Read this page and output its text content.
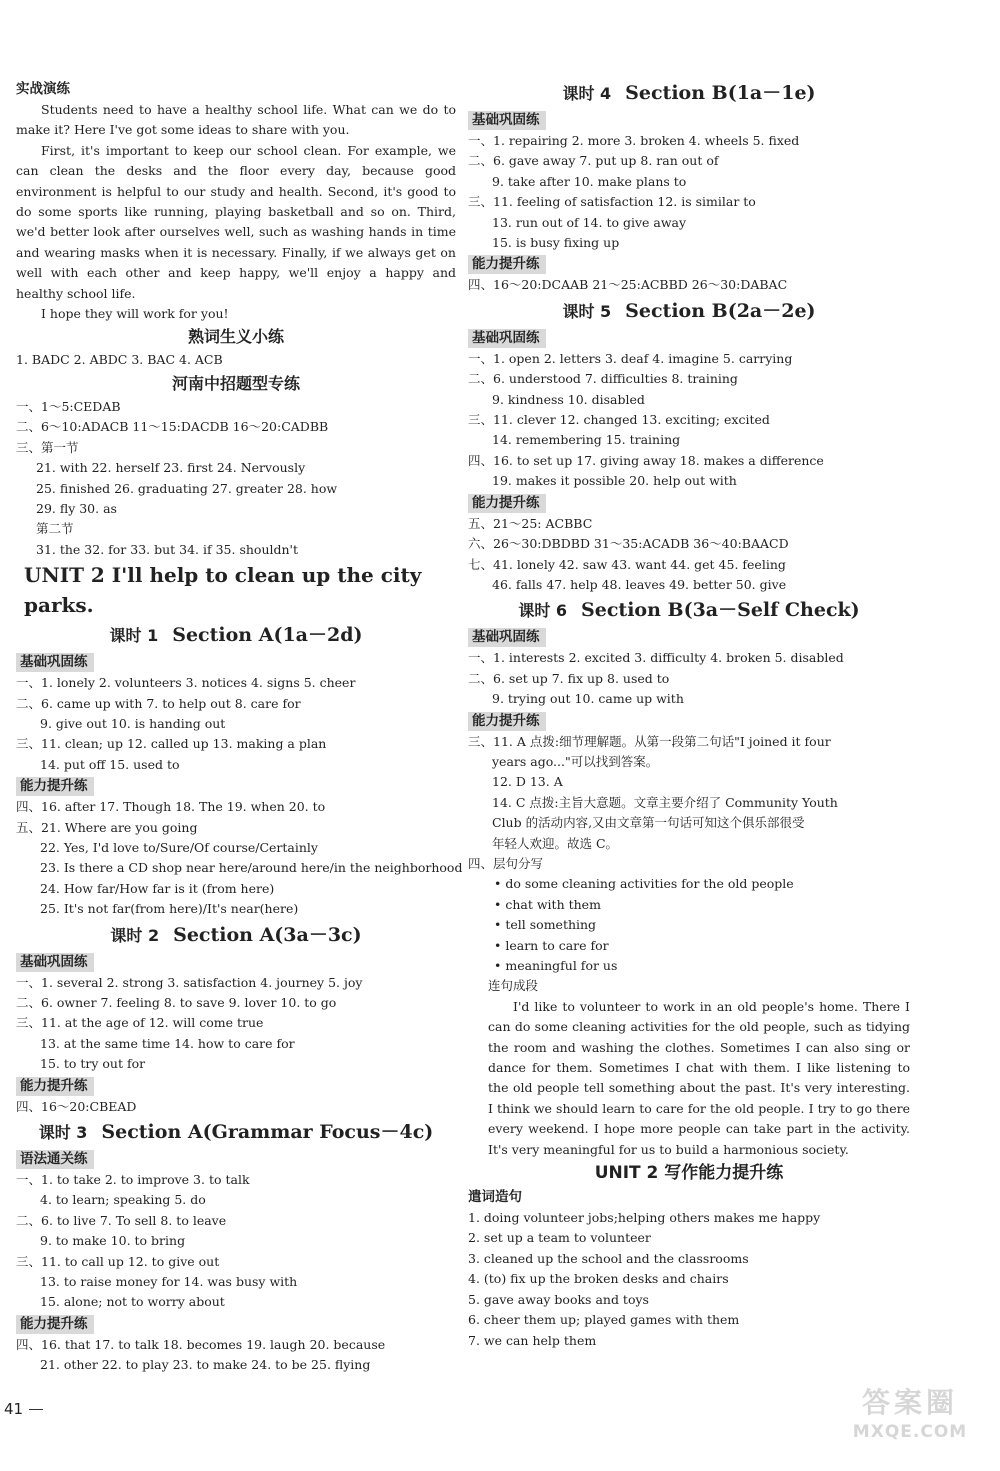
实战演练
Students need to have a healthy school life. What can we do to make it? Here I've got some ideas to share with you.
First, it's important to keep our school clean. For example, we can clean the desks and the floor every day, because good environment is helpful to our study and health. Second, it's good to do some sports like running, playing basketball and so on. Third, we'd better look after ourselves well, such as washing hands in time and wearing masks when it is necessary. Finally, if we always get on well with each other and keep happy, we'll enjoy a happy and healthy school life.
I hope they will work for you!
熟词生义小练
1. BADC 2. ABDC 3. BAC 4. ACB
河南中招题型专练
一、1～5:CEDAB
二、6～10:ADACB 11～15:DACDB 16～20:CADBB
三、第一节
21. with 22. herself 23. first 24. Nervously
25. finished 26. graduating 27. greater 28. how
29. fly 30. as
第二节
31. the 32. for 33. but 34. if 35. shouldn't
UNIT 2 I'll help to clean up the city parks.
课时 1 Section A(1a－2d)
基础巩固练
一、1. lonely 2. volunteers 3. notices 4. signs 5. cheer
二、6. came up with 7. to help out 8. care for
9. give out 10. is handing out
三、11. clean; up 12. called up 13. making a plan
14. put off 15. used to
能力提升练
四、16. after 17. Though 18. The 19. when 20. to
五、21. Where are you going
22. Yes, I'd love to/Sure/Of course/Certainly
23. Is there a CD shop near here/around here/in the neighborhood
24. How far/How far is it (from here)
25. It's not far(from here)/It's near(here)
课时 2 Section A(3a－3c)
基础巩固练
一、1. several 2. strong 3. satisfaction 4. journey 5. joy
二、6. owner 7. feeling 8. to save 9. lover 10. to go
三、11. at the age of 12. will come true
13. at the same time 14. how to care for
15. to try out for
能力提升练
四、16～20:CBEAD
课时 3 Section A(Grammar Focus－4c)
语法通关练
一、1. to take 2. to improve 3. to talk
4. to learn; speaking 5. do
二、6. to live 7. To sell 8. to leave
9. to make 10. to bring
三、11. to call up 12. to give out
13. to raise money for 14. was busy with
15. alone; not to worry about
能力提升练
四、16. that 17. to talk 18. becomes 19. laugh 20. because
21. other 22. to play 23. to make 24. to be 25. flying
课时 4 Section B(1a－1e)
基础巩固练
一、1. repairing 2. more 3. broken 4. wheels 5. fixed
二、6. gave away 7. put up 8. ran out of
9. take after 10. make plans to
三、11. feeling of satisfaction 12. is similar to
13. run out of 14. to give away
15. is busy fixing up
能力提升练
四、16～20:DCAAB 21～25:ACBBD 26～30:DABAC
课时 5 Section B(2a－2e)
基础巩固练
一、1. open 2. letters 3. deaf 4. imagine 5. carrying
二、6. understood 7. difficulties 8. training
9. kindness 10. disabled
三、11. clever 12. changed 13. exciting; excited
14. remembering 15. training
四、16. to set up 17. giving away 18. makes a difference
19. makes it possible 20. help out with
能力提升练
五、21～25: ACBBC
六、26～30:DBDBD 31～35:ACADB 36～40:BAACD
七、41. lonely 42. saw 43. want 44. get 45. feeling
46. falls 47. help 48. leaves 49. better 50. give
课时 6 Section B(3a－Self Check)
基础巩固练
一、1. interests 2. excited 3. difficulty 4. broken 5. disabled
二、6. set up 7. fix up 8. used to
9. trying out 10. came up with
能力提升练
三、11. A 点拨:细节理解题。从第一段第二句话"I joined it four
years ago..."可以找到答案。
12. D 13. A
14. C 点拨:主旨大意题。文章主要介绍了 Community Youth
Club 的活动内容,又由文章第一句话可知这个俱乐部很受
年轻人欢迎。故选 C。
四、层句分写
• do some cleaning activities for the old people
• chat with them
• tell something
• learn to care for
• meaningful for us
连句成段
I'd like to volunteer to work in an old people's home. There I can do some cleaning activities for the old people, such as tidying the room and washing the clothes. Sometimes I can also sing or dance for them. Sometimes I chat with them. I like listening to the old people tell something about the past. It's very interesting. I think we should learn to care for the old people. I try to go there every weekend. I hope more people can take part in the activity. It's very meaningful for us to build a harmonious society.
UNIT 2 写作能力提升练
遣词造句
1. doing volunteer jobs;helping others makes me happy
2. set up a team to volunteer
3. cleaned up the school and the classrooms
4. (to) fix up the broken desks and chairs
5. gave away books and toys
6. cheer them up; played games with them
7. we can help them
41	答案圈
MXQE.COM
